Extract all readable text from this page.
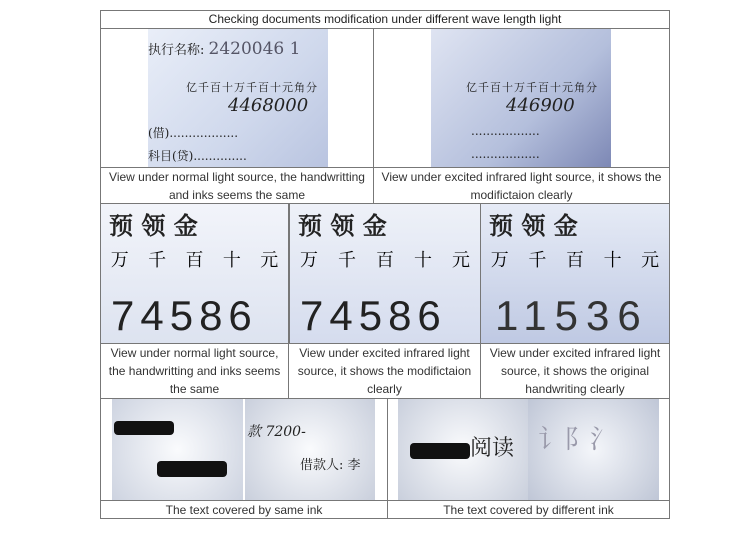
Checking documents modification under different wave length light
执行名称: 2420046 1
亿千百十万千百十元角分
4468000
(借)..................
科目(贷)..............
亿千百十万千百十元角分
446900
..................
..................
View under normal light source, the handwritting and inks seems the same
View under excited infrared light source, it shows the modifictaion clearly
预 领 金
万 千 百 十 元
74586
预 领 金
万 千 百 十 元
74586
预 领 金
万 千 百 十 元
11536
View under normal light source, the handwritting and inks seems the same
View under excited infrared light source, it shows the modifictaion clearly
View under excited infrared light source, it shows the original handwriting clearly
款 7200-
借款人: 李
阅读 讠阝氵
The text covered by same ink	The text covered by different ink
